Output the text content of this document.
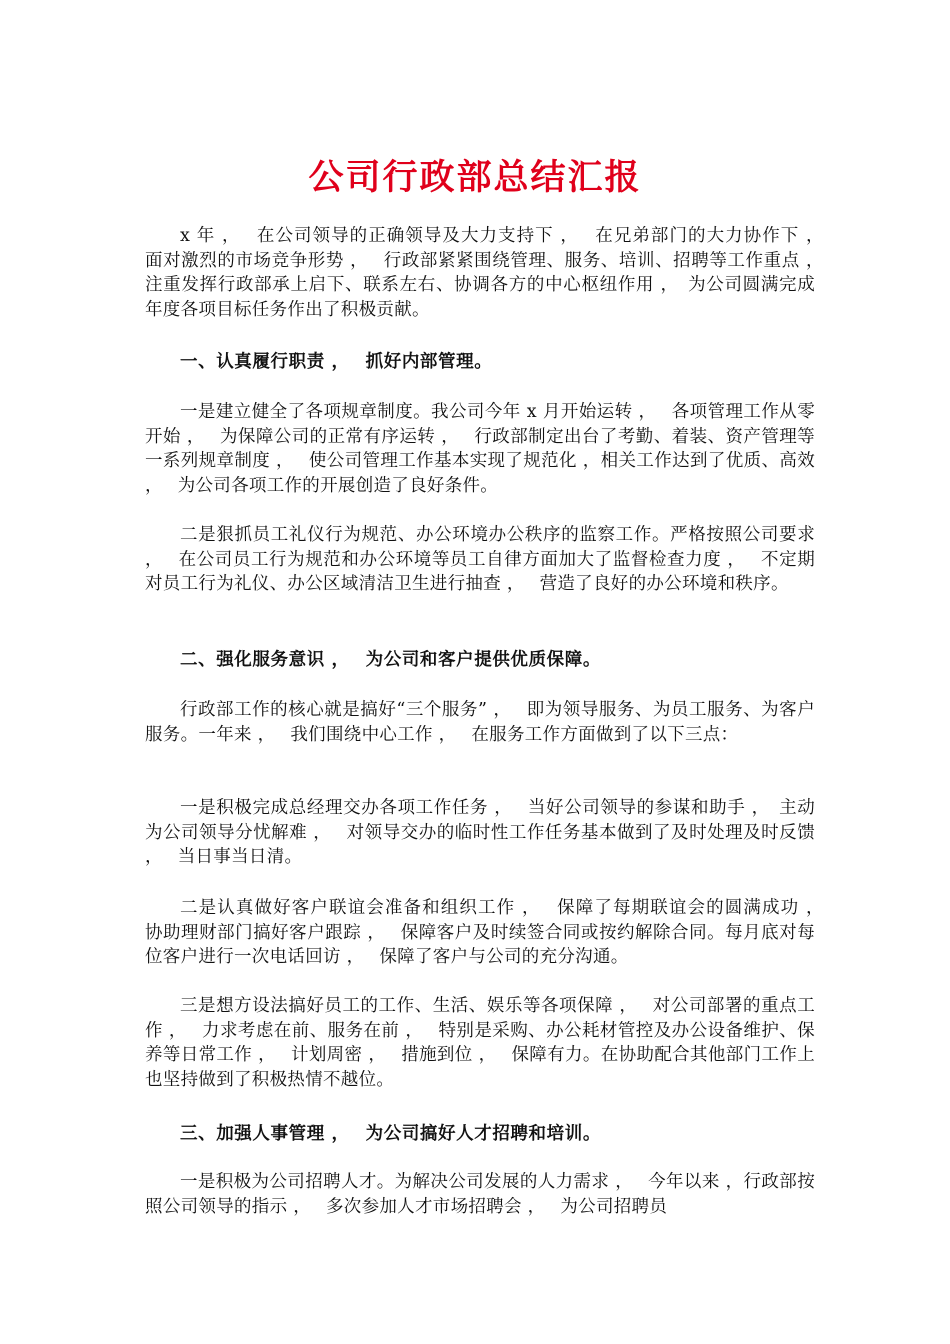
公司行政部总结汇报

x 年 ，　 在公司领导的正确领导及大力支持下 ，　 在兄弟部门的大力协作下 ，　面对激烈的市场竞争形势 ，　 行政部紧紧围绕管理、服务、培训、招聘等工作重点 ，　 注重发挥行政部承上启下、联系左右、协调各方的中心枢纽作用 ，　为公司圆满完成年度各项目标任务作出了积极贡献。

一、认真履行职责 ，　 抓好内部管理。

一是建立健全了各项规章制度。我公司今年 x 月开始运转 ，　 各项管理工作从零开始 ，　 为保障公司的正常有序运转 ，　 行政部制定出台了考勤、着装、资产管理等一系列规章制度 ，　 使公司管理工作基本实现了规范化 ，相关工作达到了优质、高效 ，　 为公司各项工作的开展创造了良好条件。

二是狠抓员工礼仪行为规范、办公环境办公秩序的监察工作。严格按照公司要求 ，　 在公司员工行为规范和办公环境等员工自律方面加大了监督检查力度 ，　 不定期对员工行为礼仪、办公区域清洁卫生进行抽查 ，　 营造了良好的办公环境和秩序。

二、强化服务意识 ，　 为公司和客户提供优质保障。

行政部工作的核心就是搞好“三个服务” ，　 即为领导服务、为员工服务、为客户服务。一年来 ，　 我们围绕中心工作 ，　 在服务工作方面做到了以下三点：

一是积极完成总经理交办各项工作任务 ，　 当好公司领导的参谋和助手 ，　主动为公司领导分忧解难 ，　 对领导交办的临时性工作任务基本做到了及时处理及时反馈 ，　 当日事当日清。

二是认真做好客户联谊会准备和组织工作 ，　 保障了每期联谊会的圆满成功 ，　 协助理财部门搞好客户跟踪 ，　 保障客户及时续签合同或按约解除合同。每月底对每位客户进行一次电话回访 ，　 保障了客户与公司的充分沟通。

三是想方设法搞好员工的工作、生活、娱乐等各项保障 ，　 对公司部署的重点工作 ，　 力求考虑在前、服务在前 ，　 特别是采购、办公耗材管控及办公设备维护、保养等日常工作 ，　 计划周密 ，　 措施到位 ，　 保障有力。在协助配合其他部门工作上也坚持做到了积极热情不越位。

三、加强人事管理 ，　 为公司搞好人才招聘和培训。

一是积极为公司招聘人才。为解决公司发展的人力需求 ，　 今年以来 ，行政部按照公司领导的指示 ，　 多次参加人才市场招聘会 ，　 为公司招聘员
